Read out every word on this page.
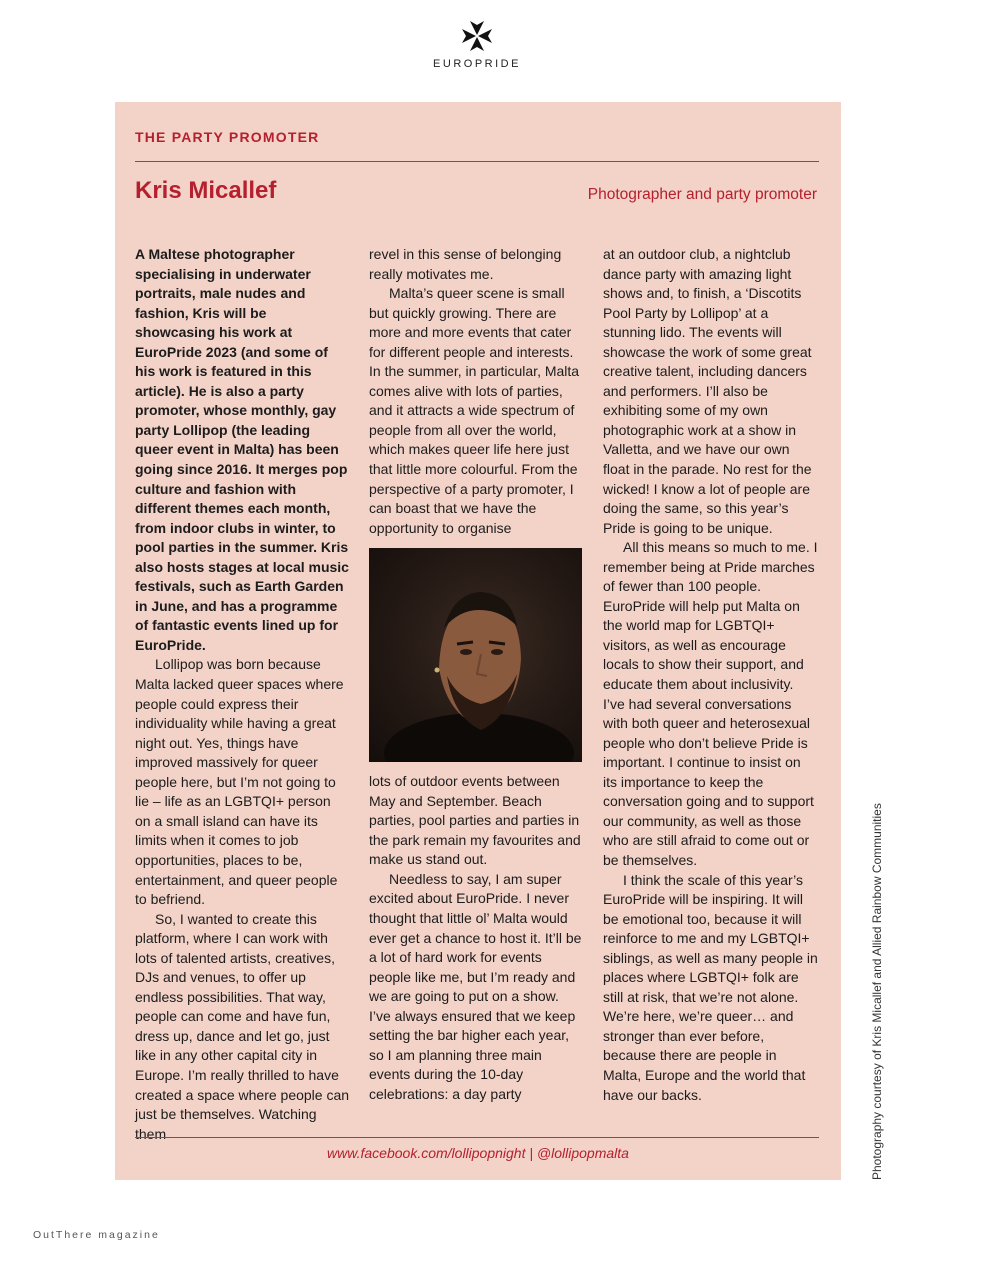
EUROPRIDE
THE PARTY PROMOTER
Kris Micallef	Photographer and party promoter

A Maltese photographer specialising in underwater portraits, male nudes and fashion, Kris will be showcasing his work at EuroPride 2023 (and some of his work is featured in this article). He is also a party promoter, whose monthly, gay party Lollipop (the leading queer event in Malta) has been going since 2016. It merges pop culture and fashion with different themes each month, from indoor clubs in winter, to pool parties in the summer. Kris also hosts stages at local music festivals, such as Earth Garden in June, and has a programme of fantastic events lined up for EuroPride.

Lollipop was born because Malta lacked queer spaces where people could express their individuality while having a great night out. Yes, things have improved massively for queer people here, but I’m not going to lie – life as an LGBTQI+ person on a small island can have its limits when it comes to job opportunities, places to be, entertainment, and queer people to befriend.

So, I wanted to create this platform, where I can work with lots of talented artists, creatives, DJs and venues, to offer up endless possibilities. That way, people can come and have fun, dress up, dance and let go, just like in any other capital city in Europe. I’m really thrilled to have created a space where people can just be themselves. Watching them

revel in this sense of belonging really motivates me.

Malta’s queer scene is small but quickly growing. There are more and more events that cater for different people and interests. In the summer, in particular, Malta comes alive with lots of parties, and it attracts a wide spectrum of people from all over the world, which makes queer life here just that little more colourful. From the perspective of a party promoter, I can boast that we have the opportunity to organise

lots of outdoor events between May and September. Beach parties, pool parties and parties in the park remain my favourites and make us stand out.

Needless to say, I am super excited about EuroPride. I never thought that little ol’ Malta would ever get a chance to host it. It’ll be a lot of hard work for events people like me, but I’m ready and we are going to put on a show. I’ve always ensured that we keep setting the bar higher each year, so I am planning three main events during the 10-day celebrations: a day party

at an outdoor club, a nightclub dance party with amazing light shows and, to finish, a ‘Discotits Pool Party by Lollipop’ at a stunning lido. The events will showcase the work of some great creative talent, including dancers and performers. I’ll also be exhibiting some of my own photographic work at a show in Valletta, and we have our own float in the parade. No rest for the wicked! I know a lot of people are doing the same, so this year’s Pride is going to be unique.

All this means so much to me. I remember being at Pride marches of fewer than 100 people. EuroPride will help put Malta on the world map for LGBTQI+ visitors, as well as encourage locals to show their support, and educate them about inclusivity. I’ve had several conversations with both queer and heterosexual people who don’t believe Pride is important. I continue to insist on its importance to keep the conversation going and to support our community, as well as those who are still afraid to come out or be themselves.

I think the scale of this year’s EuroPride will be inspiring. It will be emotional too, because it will reinforce to me and my LGBTQI+ siblings, as well as many people in places where LGBTQI+ folk are still at risk, that we’re not alone. We’re here, we’re queer… and stronger than ever before, because there are people in Malta, Europe and the world that have our backs.

www.facebook.com/lollipopnight | @lollipopmalta	Photography courtesy of Kris Micallef and Allied Rainbow Communities
OutThere magazine
